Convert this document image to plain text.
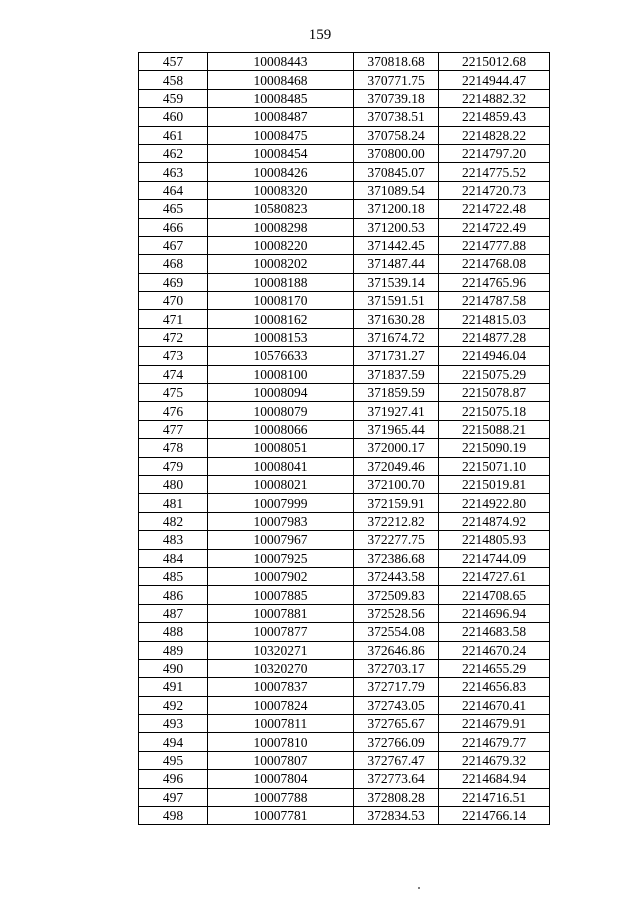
159
457	10008443	370818.68	2215012.68
458	10008468	370771.75	2214944.47
459	10008485	370739.18	2214882.32
460	10008487	370738.51	2214859.43
461	10008475	370758.24	2214828.22
462	10008454	370800.00	2214797.20
463	10008426	370845.07	2214775.52
464	10008320	371089.54	2214720.73
465	10580823	371200.18	2214722.48
466	10008298	371200.53	2214722.49
467	10008220	371442.45	2214777.88
468	10008202	371487.44	2214768.08
469	10008188	371539.14	2214765.96
470	10008170	371591.51	2214787.58
471	10008162	371630.28	2214815.03
472	10008153	371674.72	2214877.28
473	10576633	371731.27	2214946.04
474	10008100	371837.59	2215075.29
475	10008094	371859.59	2215078.87
476	10008079	371927.41	2215075.18
477	10008066	371965.44	2215088.21
478	10008051	372000.17	2215090.19
479	10008041	372049.46	2215071.10
480	10008021	372100.70	2215019.81
481	10007999	372159.91	2214922.80
482	10007983	372212.82	2214874.92
483	10007967	372277.75	2214805.93
484	10007925	372386.68	2214744.09
485	10007902	372443.58	2214727.61
486	10007885	372509.83	2214708.65
487	10007881	372528.56	2214696.94
488	10007877	372554.08	2214683.58
489	10320271	372646.86	2214670.24
490	10320270	372703.17	2214655.29
491	10007837	372717.79	2214656.83
492	10007824	372743.05	2214670.41
493	10007811	372765.67	2214679.91
494	10007810	372766.09	2214679.77
495	10007807	372767.47	2214679.32
496	10007804	372773.64	2214684.94
497	10007788	372808.28	2214716.51
498	10007781	372834.53	2214766.14
